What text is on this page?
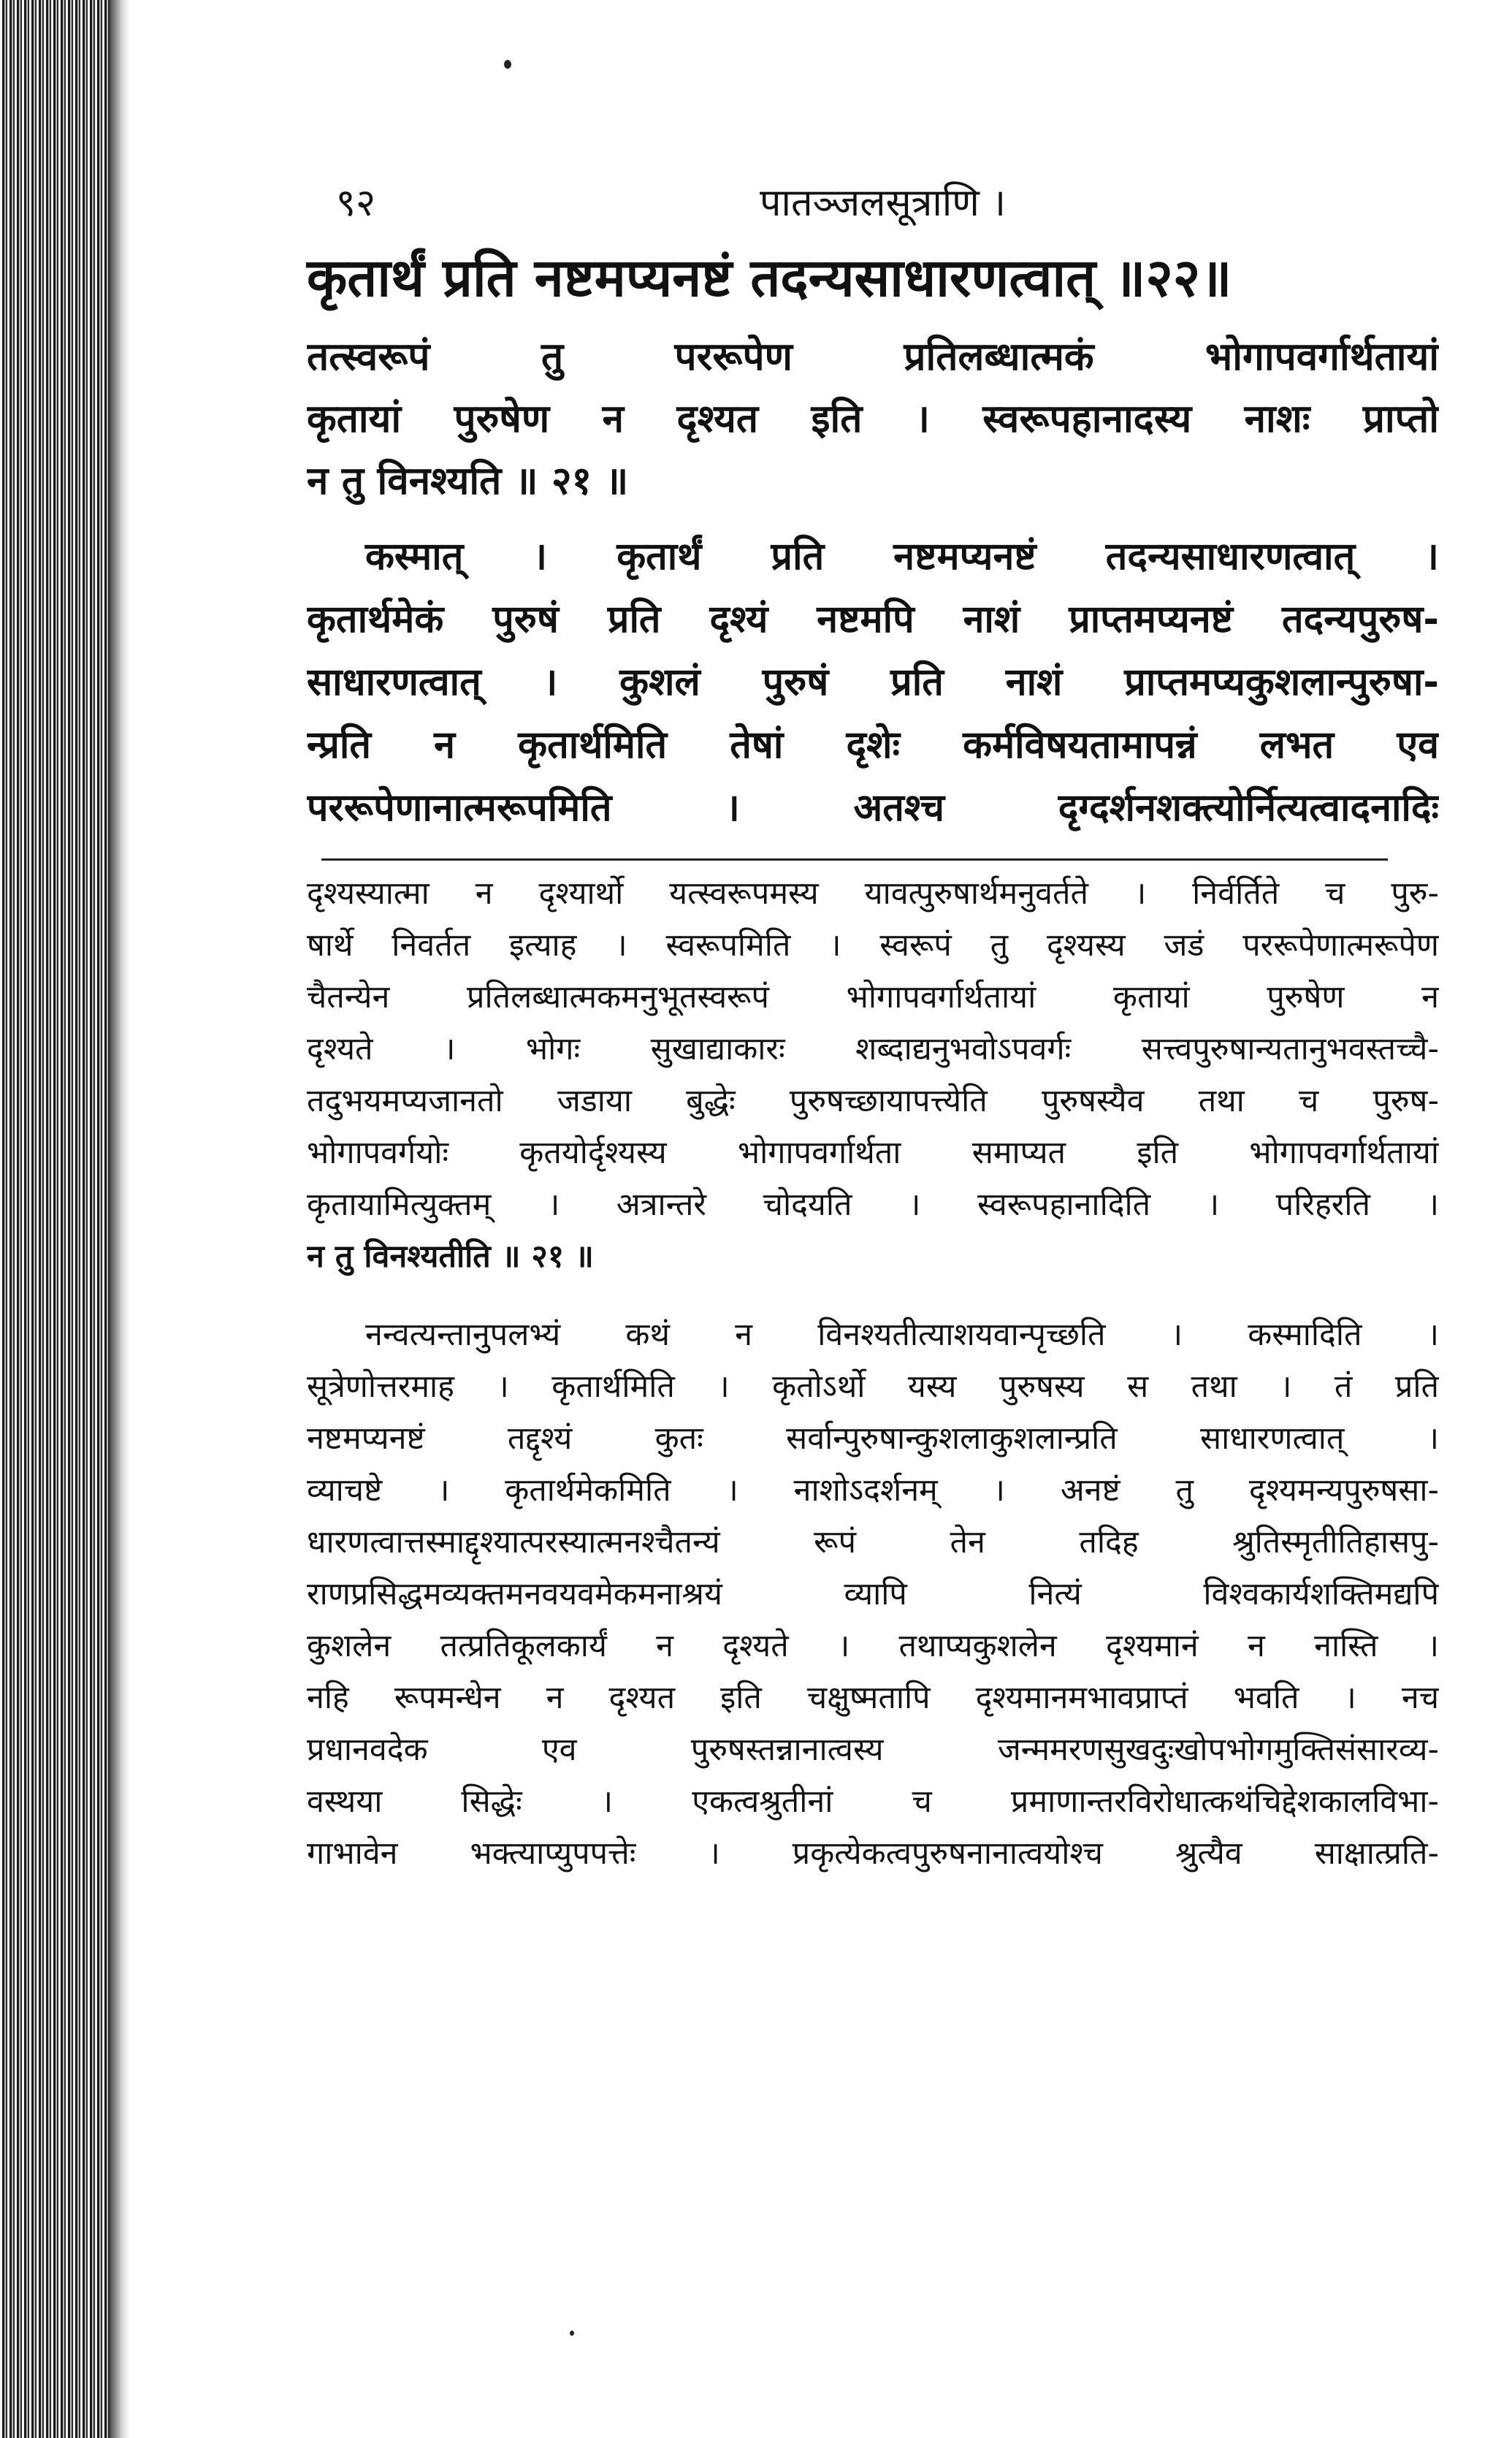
९२	पातञ्जलसूत्राणि ।
कृतार्थं प्रति नष्टमप्यनष्टं तदन्यसाधारणत्वात् ॥२२॥
तत्स्वरूपं तु पररूपेण प्रतिलब्धात्मकं भोगापवर्गार्थतायां
कृतायां पुरुषेण न दृश्यत इति । स्वरूपहानादस्य नाशः प्राप्तो
न तु विनश्यति ॥ २१ ॥
कस्मात् । कृतार्थं प्रति नष्टमप्यनष्टं तदन्यसाधारणत्वात् ।
कृतार्थमेकं पुरुषं प्रति दृश्यं नष्टमपि नाशं प्राप्तमप्यनष्टं तदन्यपुरुष-
साधारणत्वात् । कुशलं पुरुषं प्रति नाशं प्राप्तमप्यकुशलान्पुरुषा-
न्प्रति न कृतार्थमिति तेषां दृशेः कर्मविषयतामापन्नं लभत एव
पररूपेणानात्मरूपमिति । अतश्च दृग्दर्शनशक्त्योर्नित्यत्वादनादिः
दृश्यस्यात्मा न दृश्यार्थो यत्स्वरूपमस्य यावत्पुरुषार्थमनुवर्तते । निर्वर्तिते च पुरु-
षार्थे निवर्तत इत्याह । स्वरूपमिति । स्वरूपं तु दृश्यस्य जडं पररूपेणात्मरूपेण
चैतन्येन प्रतिलब्धात्मकमनुभूतस्वरूपं भोगापवर्गार्थतायां कृतायां पुरुषेण न
दृश्यते । भोगः सुखाद्याकारः शब्दाद्यनुभवोऽपवर्गः सत्त्वपुरुषान्यतानुभवस्तच्चै-
तदुभयमप्यजानतो जडाया बुद्धेः पुरुषच्छायापत्त्येति पुरुषस्यैव तथा च पुरुष-
भोगापवर्गयोः कृतयोर्दृश्यस्य भोगापवर्गार्थता समाप्यत इति भोगापवर्गार्थतायां
कृतायामित्युक्तम् । अत्रान्तरे चोदयति । स्वरूपहानादिति । परिहरति ।
न तु विनश्यतीति ॥ २१ ॥
नन्वत्यन्तानुपलभ्यं कथं न विनश्यतीत्याशयवान्पृच्छति । कस्मादिति ।
सूत्रेणोत्तरमाह । कृतार्थमिति । कृतोऽर्थो यस्य पुरुषस्य स तथा । तं प्रति
नष्टमप्यनष्टं तद्दृश्यं कुतः सर्वान्पुरुषान्कुशलाकुशलान्प्रति साधारणत्वात् ।
व्याचष्टे । कृतार्थमेकमिति । नाशोऽदर्शनम् । अनष्टं तु दृश्यमन्यपुरुषसा-
धारणत्वात्तस्माद्दृश्यात्परस्यात्मनश्चैतन्यं रूपं तेन तदिह श्रुतिस्मृतीतिहासपु-
राणप्रसिद्धमव्यक्तमनवयवमेकमनाश्रयं व्यापि नित्यं विश्वकार्यशक्तिमद्यपि
कुशलेन तत्प्रतिकूलकार्यं न दृश्यते । तथाप्यकुशलेन दृश्यमानं न नास्ति ।
नहि रूपमन्धेन न दृश्यत इति चक्षुष्मतापि दृश्यमानमभावप्राप्तं भवति । नच
प्रधानवदेक एव पुरुषस्तन्नानात्वस्य जन्ममरणसुखदुःखोपभोगमुक्तिसंसारव्य-
वस्थया सिद्धेः । एकत्वश्रुतीनां च प्रमाणान्तरविरोधात्कथंचिद्देशकालविभा-
गाभावेन भक्त्याप्युपपत्तेः । प्रकृत्येकत्वपुरुषनानात्वयोश्च श्रुत्यैव साक्षात्प्रति-
